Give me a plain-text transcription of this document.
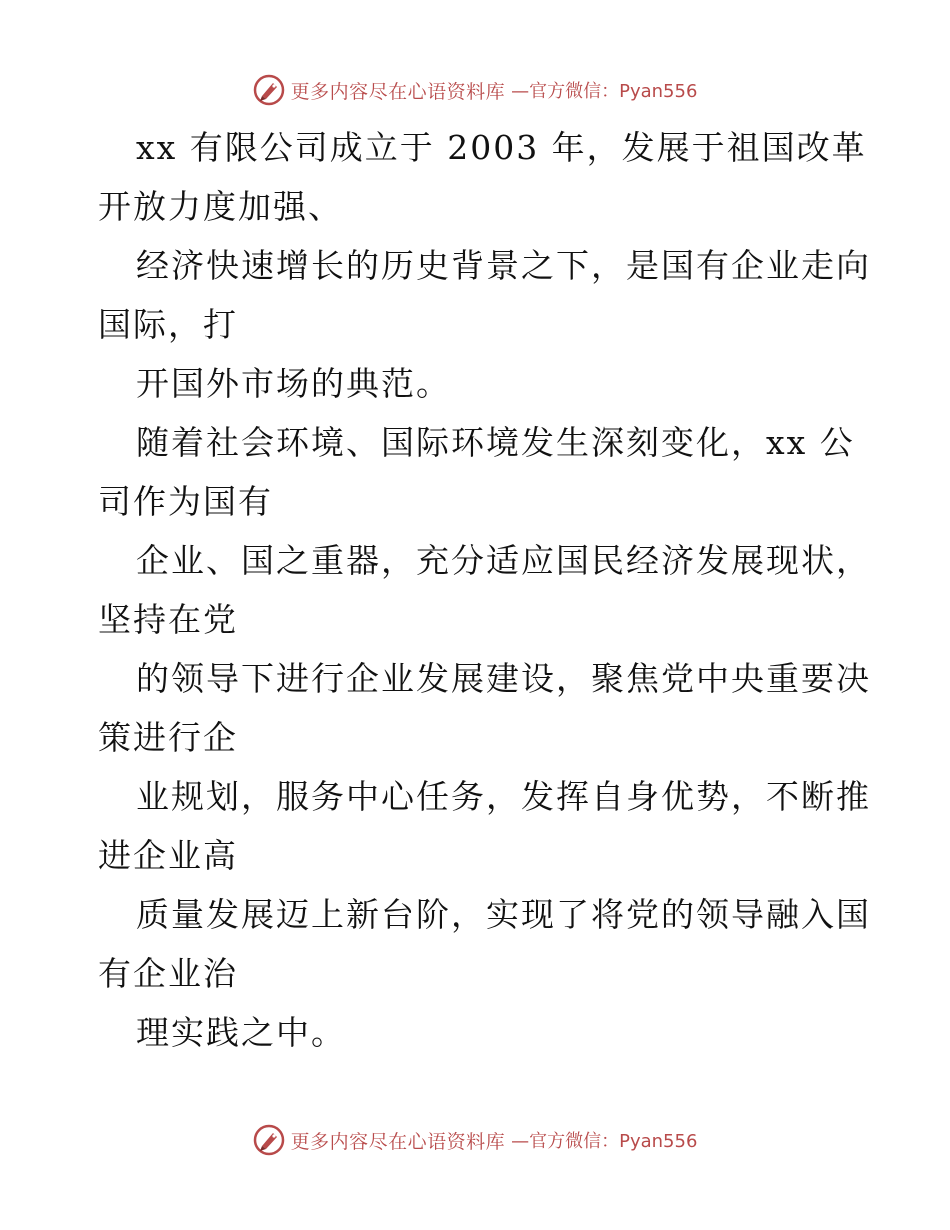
更多内容尽在心语资料库 —官方微信：Pyan556
xx 有限公司成立于 2003 年，发展于祖国改革
开放力度加强、
经济快速增长的历史背景之下，是国有企业走向
国际，打
开国外市场的典范。
随着社会环境、国际环境发生深刻变化，xx 公
司作为国有
企业、国之重器，充分适应国民经济发展现状，
坚持在党
的领导下进行企业发展建设，聚焦党中央重要决
策进行企
业规划，服务中心任务，发挥自身优势，不断推
进企业高
质量发展迈上新台阶，实现了将党的领导融入国
有企业治
理实践之中。
更多内容尽在心语资料库 —官方微信：Pyan556
